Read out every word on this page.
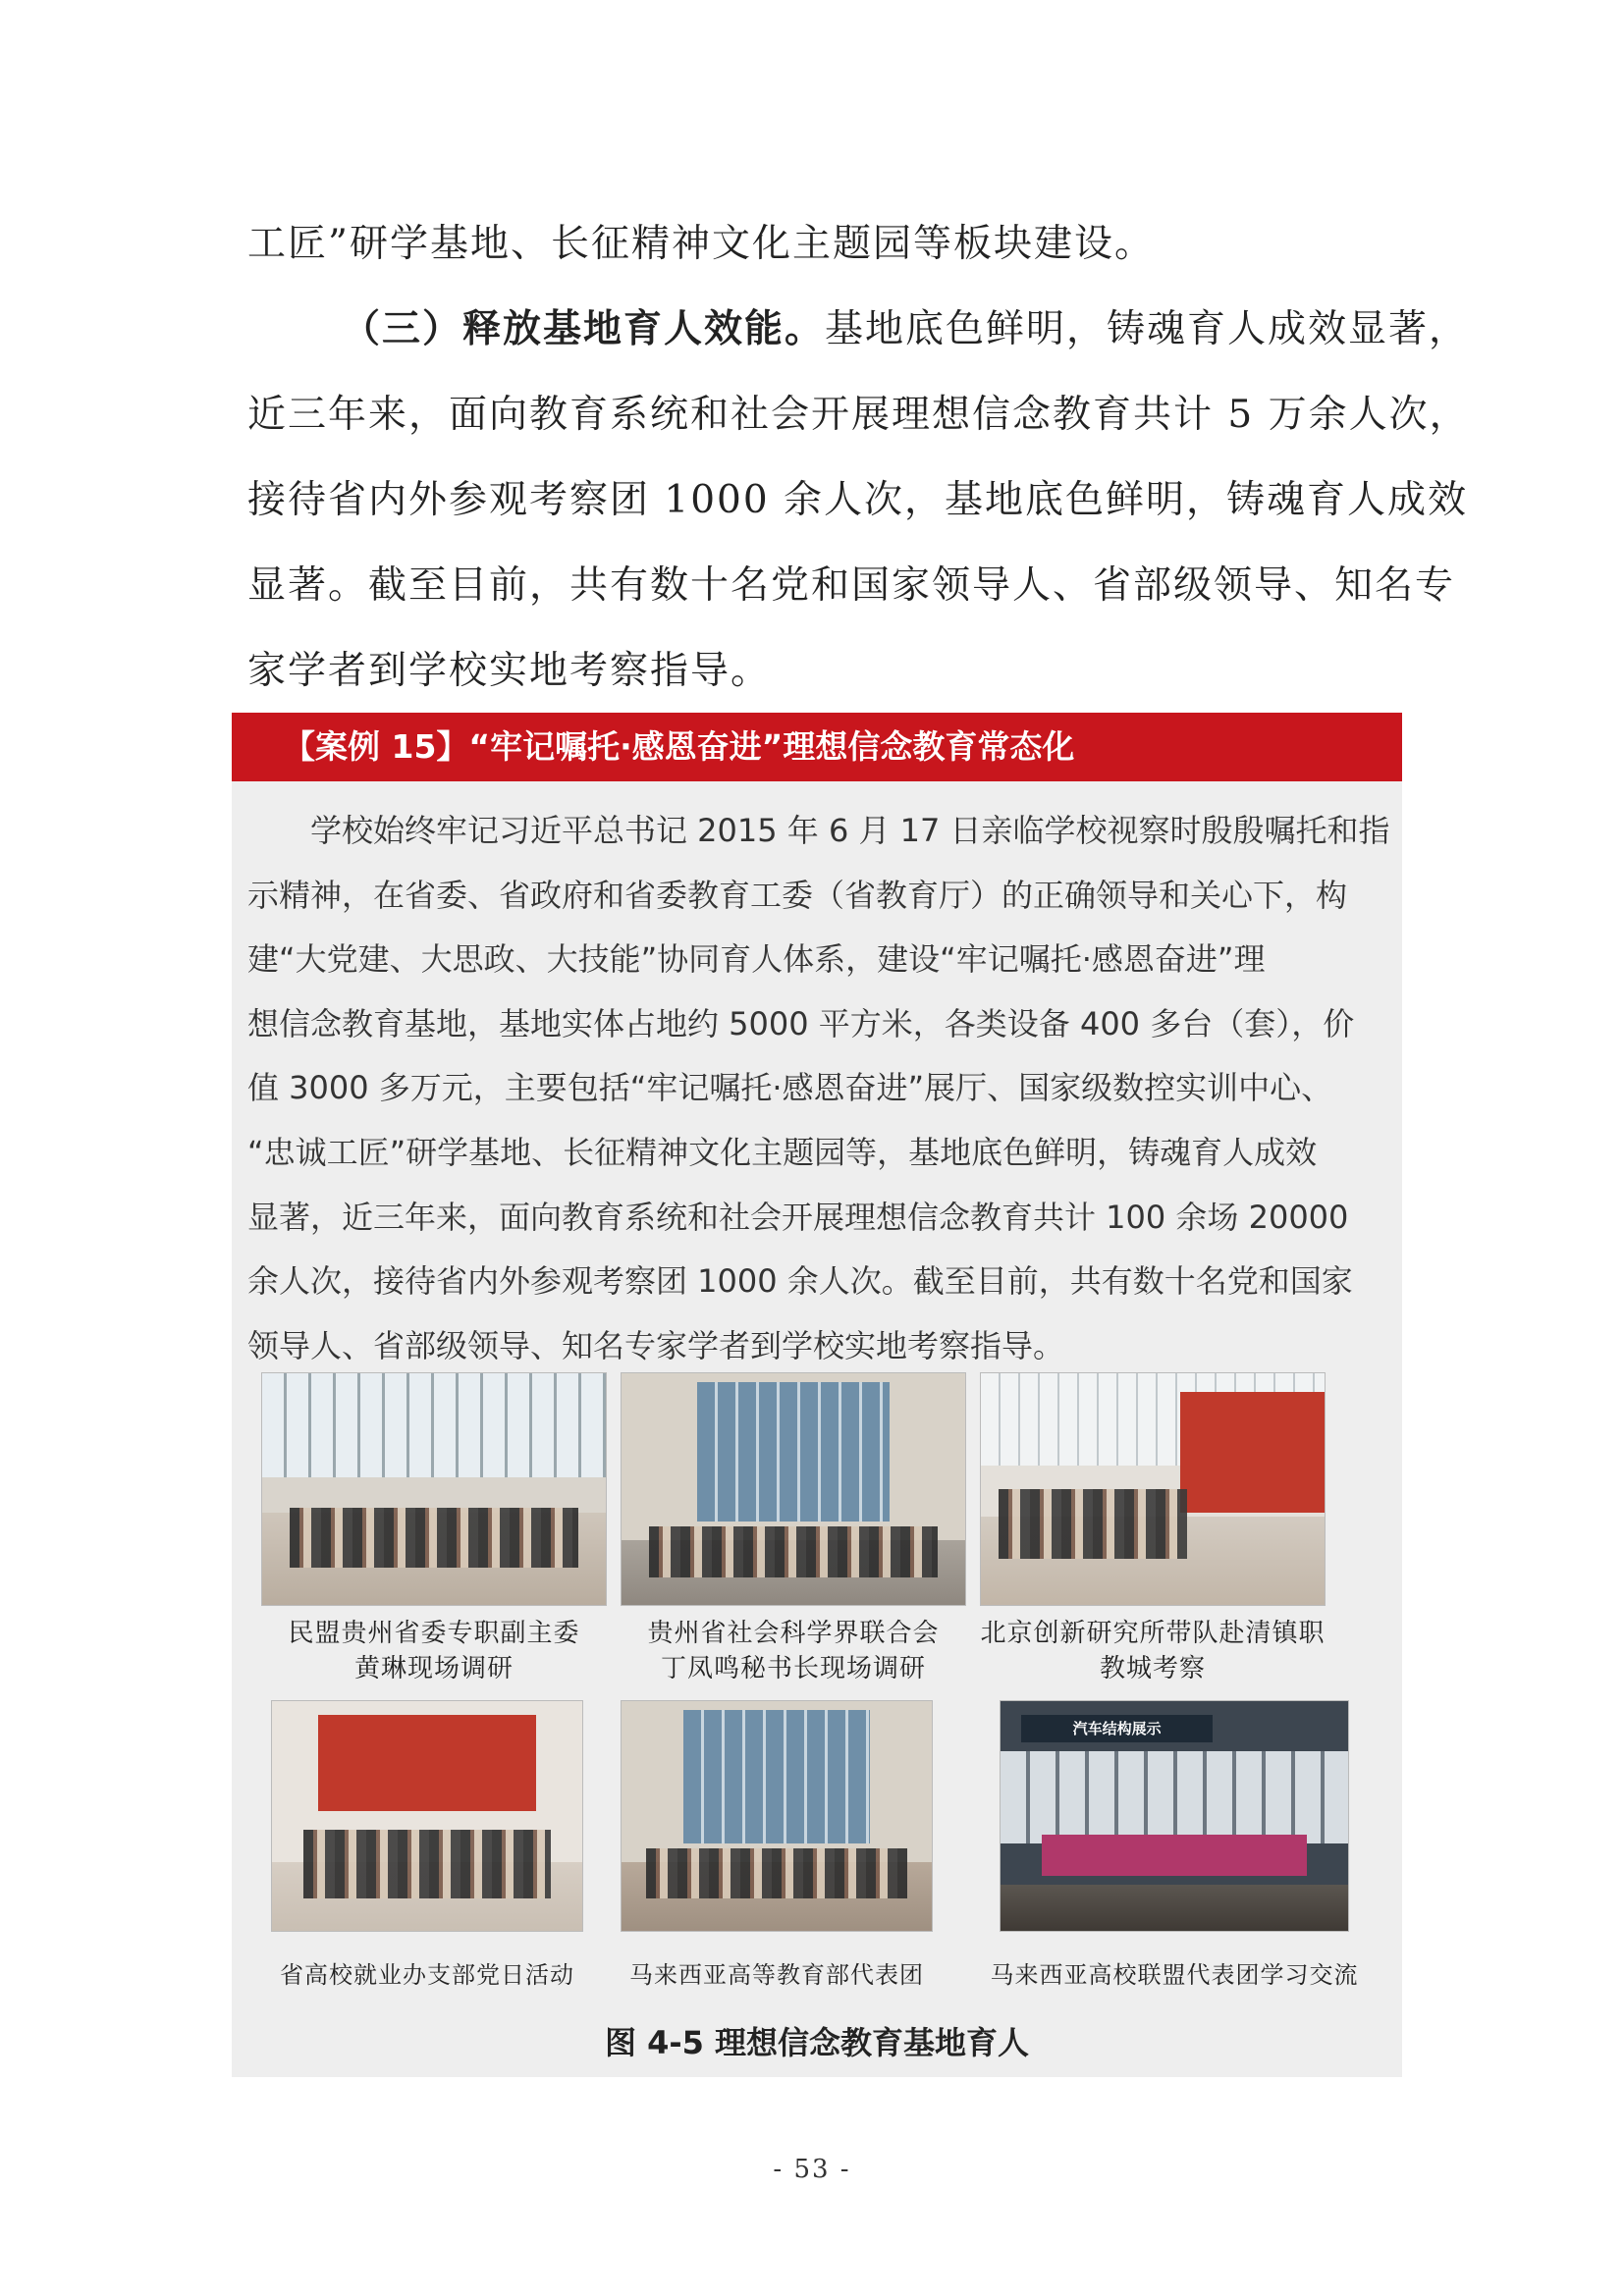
工匠”研学基地、长征精神文化主题园等板块建设。
（三）释放基地育人效能。基地底色鲜明，铸魂育人成效显著，
近三年来，面向教育系统和社会开展理想信念教育共计 5 万余人次，
接待省内外参观考察团 1000 余人次，基地底色鲜明，铸魂育人成效
显著。截至目前，共有数十名党和国家领导人、省部级领导、知名专
家学者到学校实地考察指导。
【案例 15】“牢记嘱托·感恩奋进”理想信念教育常态化
　　学校始终牢记习近平总书记 2015 年 6 月 17 日亲临学校视察时殷殷嘱托和指
示精神，在省委、省政府和省委教育工委（省教育厅）的正确领导和关心下，构
建“大党建、大思政、大技能”协同育人体系，建设“牢记嘱托·感恩奋进”理
想信念教育基地，基地实体占地约 5000 平方米，各类设备 400 多台（套），价
值 3000 多万元，主要包括“牢记嘱托·感恩奋进”展厅、国家级数控实训中心、
“忠诚工匠”研学基地、长征精神文化主题园等，基地底色鲜明，铸魂育人成效
显著，近三年来，面向教育系统和社会开展理想信念教育共计 100 余场 20000
余人次，接待省内外参观考察团 1000 余人次。截至目前，共有数十名党和国家
领导人、省部级领导、知名专家学者到学校实地考察指导。
民盟贵州省委专职副主委
黄琳现场调研
贵州省社会科学界联合会
丁凤鸣秘书长现场调研
北京创新研究所带队赴清镇职
教城考察
汽车结构展示
省高校就业办支部党日活动	马来西亚高等教育部代表团	马来西亚高校联盟代表团学习交流
图 4-5 理想信念教育基地育人
- 53 -
